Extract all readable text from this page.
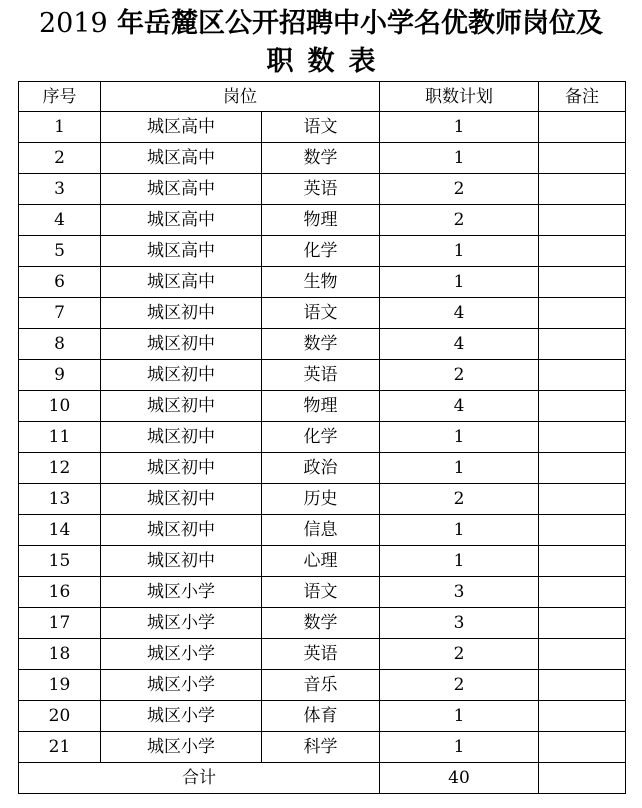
2019 年岳麓区公开招聘中小学名优教师岗位及
职数表
序号	岗位		职数计划	备注
1	城区高中	语文	1	
2	城区高中	数学	1	
3	城区高中	英语	2	
4	城区高中	物理	2	
5	城区高中	化学	1	
6	城区高中	生物	1	
7	城区初中	语文	4	
8	城区初中	数学	4	
9	城区初中	英语	2	
10	城区初中	物理	4	
11	城区初中	化学	1	
12	城区初中	政治	1	
13	城区初中	历史	2	
14	城区初中	信息	1	
15	城区初中	心理	1	
16	城区小学	语文	3	
17	城区小学	数学	3	
18	城区小学	英语	2	
19	城区小学	音乐	2	
20	城区小学	体育	1	
21	城区小学	科学	1	
合计			40	
